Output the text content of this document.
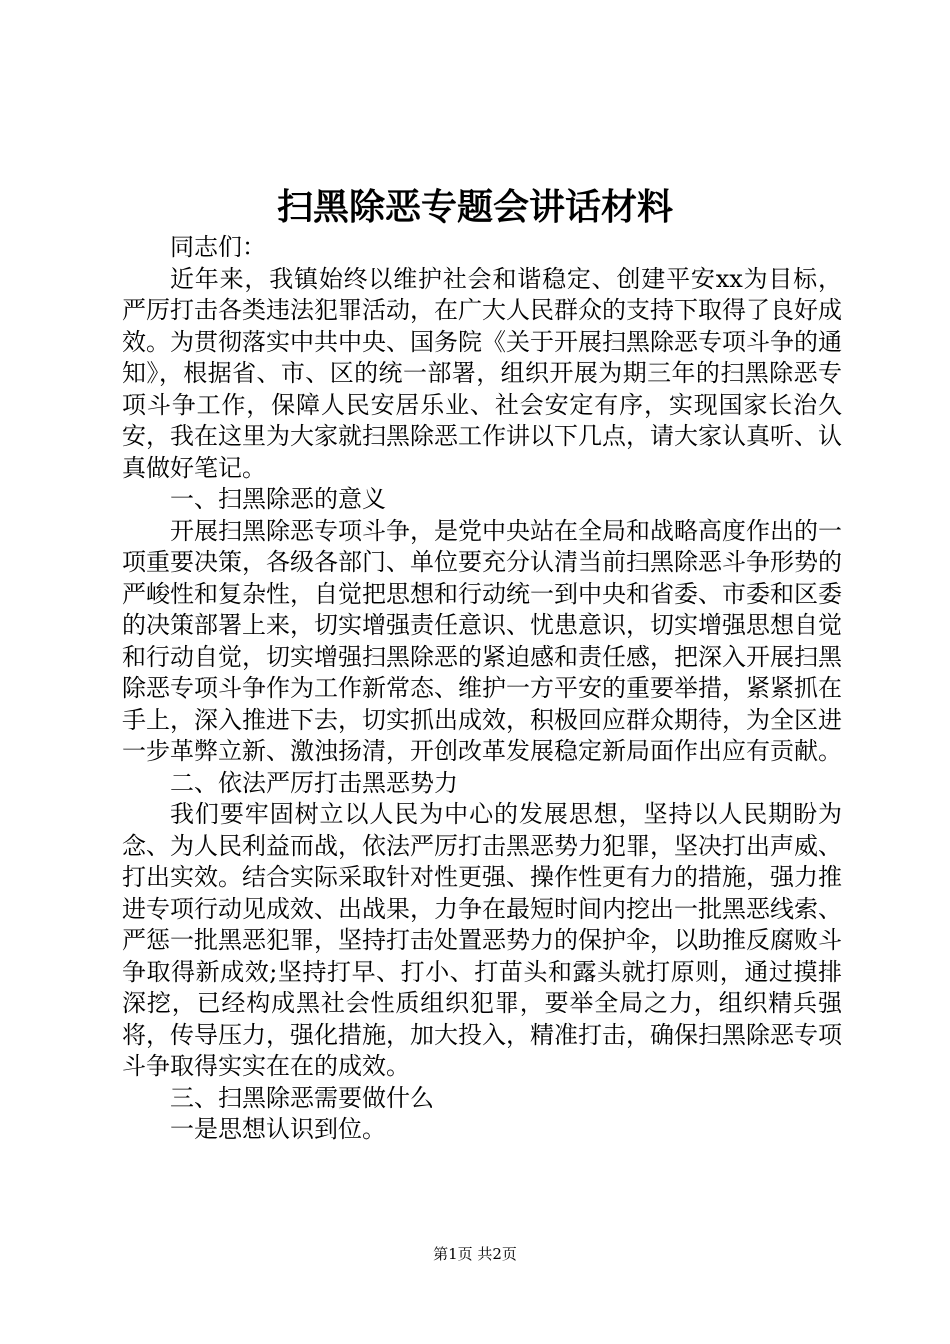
扫黑除恶专题会讲话材料

同志们：

近年来，我镇始终以维护社会和谐稳定、创建平安xx为目标，严厉打击各类违法犯罪活动，在广大人民群众的支持下取得了良好成效。为贯彻落实中共中央、国务院《关于开展扫黑除恶专项斗争的通知》，根据省、市、区的统一部署，组织开展为期三年的扫黑除恶专项斗争工作，保障人民安居乐业、社会安定有序，实现国家长治久安，我在这里为大家就扫黑除恶工作讲以下几点，请大家认真听、认真做好笔记。

一、扫黑除恶的意义

开展扫黑除恶专项斗争，是党中央站在全局和战略高度作出的一项重要决策，各级各部门、单位要充分认清当前扫黑除恶斗争形势的严峻性和复杂性，自觉把思想和行动统一到中央和省委、市委和区委的决策部署上来，切实增强责任意识、忧患意识，切实增强思想自觉和行动自觉，切实增强扫黑除恶的紧迫感和责任感，把深入开展扫黑除恶专项斗争作为工作新常态、维护一方平安的重要举措，紧紧抓在手上，深入推进下去，切实抓出成效，积极回应群众期待，为全区进一步革弊立新、激浊扬清，开创改革发展稳定新局面作出应有贡献。

二、依法严厉打击黑恶势力

我们要牢固树立以人民为中心的发展思想，坚持以人民期盼为念、为人民利益而战，依法严厉打击黑恶势力犯罪，坚决打出声威、打出实效。结合实际采取针对性更强、操作性更有力的措施，强力推进专项行动见成效、出战果，力争在最短时间内挖出一批黑恶线索、严惩一批黑恶犯罪，坚持打击处置恶势力的保护伞，以助推反腐败斗争取得新成效;坚持打早、打小、打苗头和露头就打原则，通过摸排深挖，已经构成黑社会性质组织犯罪，要举全局之力，组织精兵强将，传导压力，强化措施，加大投入，精准打击，确保扫黑除恶专项斗争取得实实在在的成效。

三、扫黑除恶需要做什么

一是思想认识到位。

第1页 共2页
